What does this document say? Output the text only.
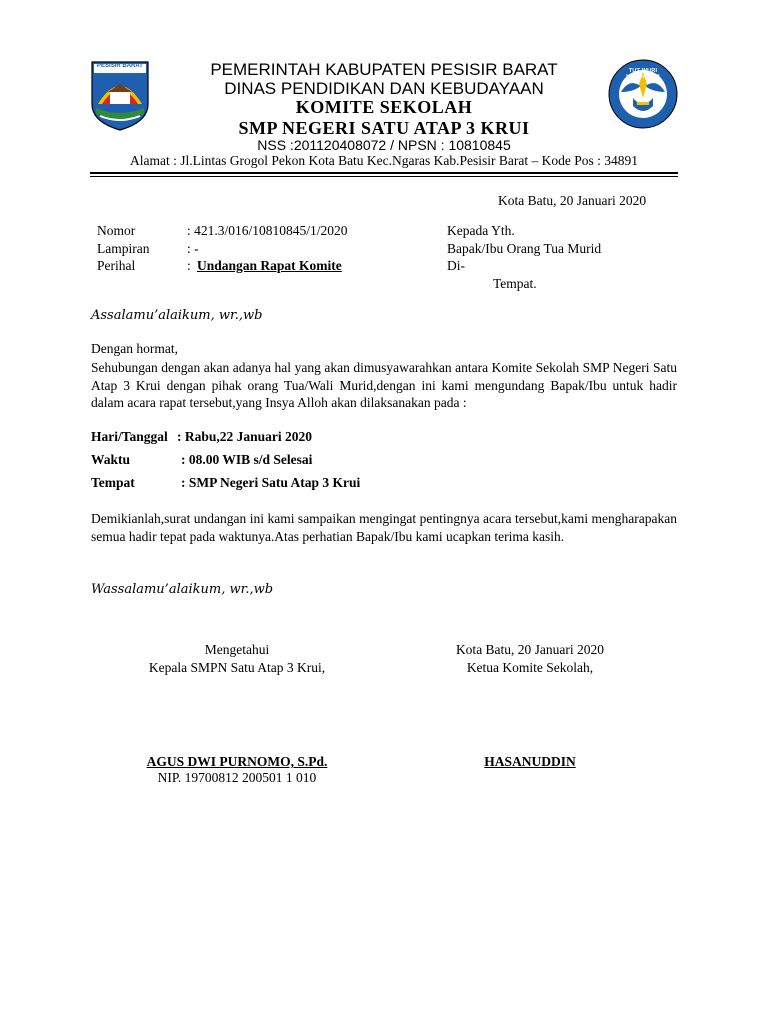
PESISIR BARAT
TUT WURI HANDAYANI
PEMERINTAH KABUPATEN PESISIR BARAT
DINAS PENDIDIKAN DAN KEBUDAYAAN
KOMITE SEKOLAH
SMP NEGERI SATU ATAP 3 KRUI
NSS :201120408072 / NPSN : 10810845
Alamat : Jl.Lintas Grogol Pekon Kota Batu Kec.Ngaras Kab.Pesisir Barat – Kode Pos : 34891
Kota Batu, 20 Januari 2020
Nomor	: 421.3/016/10810845/1/2020
Lampiran	: -
Perihal	: Undangan Rapat Komite
Kepada Yth.
Bapak/Ibu Orang Tua Murid
Di-
Tempat.
Assalamu’alaikum, wr.,wb
Dengan hormat,
Sehubungan dengan akan adanya hal yang akan dimusyawarahkan antara Komite Sekolah SMP Negeri Satu Atap 3 Krui dengan pihak orang Tua/Wali Murid,dengan ini kami mengundang Bapak/Ibu untuk hadir dalam acara rapat tersebut,yang Insya Alloh akan dilaksanakan pada :
Hari/Tanggal : Rabu,22 Januari 2020
Waktu	: 08.00 WIB s/d Selesai
Tempat	: SMP Negeri Satu Atap 3 Krui
Demikianlah,surat undangan ini kami sampaikan mengingat pentingnya acara tersebut,kami mengharapakan semua hadir tepat pada waktunya.Atas perhatian Bapak/Ibu kami ucapkan terima kasih.
Wassalamu’alaikum, wr.,wb
Mengetahui
Kepala SMPN Satu Atap 3 Krui,
AGUS DWI PURNOMO, S.Pd.
NIP. 19700812 200501 1 010
Kota Batu, 20 Januari 2020
Ketua Komite Sekolah,
HASANUDDIN
